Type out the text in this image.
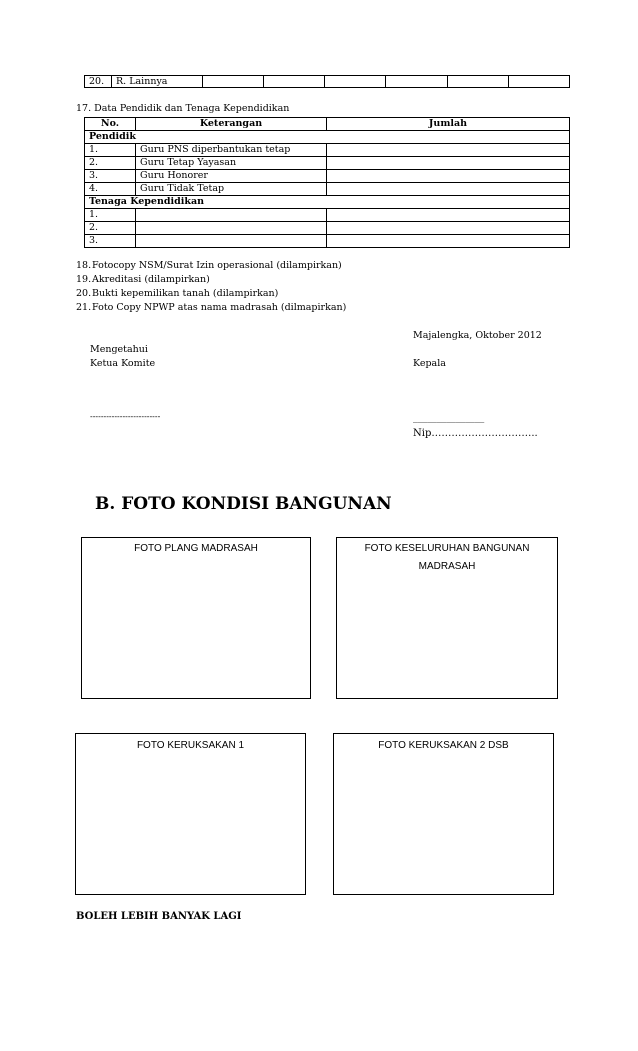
20.	R. Lainnya						
17. Data Pendidik dan Tenaga Kependidikan
No.	Keterangan	Jumlah
Pendidik		
1.	Guru PNS diperbantukan tetap	
2.	Guru Tetap Yayasan	
3.	Guru Honorer	
4.	Guru Tidak Tetap	
Tenaga Kependidikan		
1.		
2.		
3.		
18. Fotocopy NSM/Surat Izin operasional (dilampirkan)
19. Akreditasi (dilampirkan)
20. Bukti kepemilikan tanah (dilampirkan)
21. Foto Copy NPWP atas nama madrasah (dilmapirkan)
Majalengka, Oktober 2012
Mengetahui
Ketua Komite	Kepala
--------------------------	_______________
Nip…………………………..
B. FOTO KONDISI BANGUNAN
FOTO PLANG MADRASAH	FOTO KESELURUHAN BANGUNAN
MADRASAH
FOTO KERUKSAKAN 1	FOTO KERUKSAKAN 2 DSB
BOLEH LEBIH BANYAK LAGI
